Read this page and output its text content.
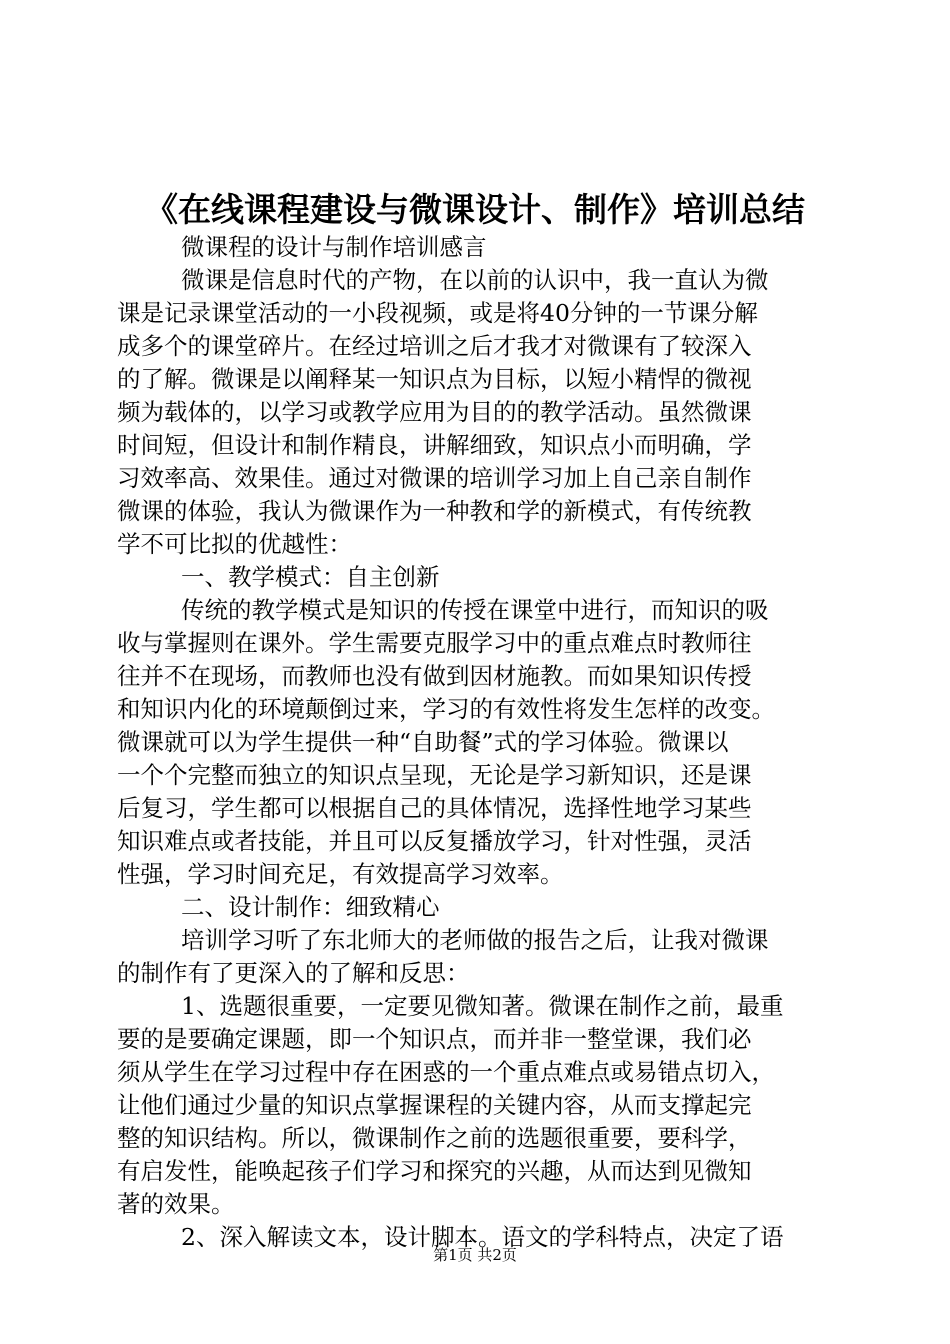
《在线课程建设与微课设计、制作》培训总结
微课程的设计与制作培训感言
微课是信息时代的产物，在以前的认识中，我一直认为微
课是记录课堂活动的一小段视频，或是将40分钟的一节课分解
成多个的课堂碎片。在经过培训之后才我才对微课有了较深入
的了解。微课是以阐释某一知识点为目标，以短小精悍的微视
频为载体的，以学习或教学应用为目的的教学活动。虽然微课
时间短，但设计和制作精良，讲解细致，知识点小而明确，学
习效率高、效果佳。通过对微课的培训学习加上自己亲自制作
微课的体验，我认为微课作为一种教和学的新模式，有传统教
学不可比拟的优越性：
一、教学模式：自主创新
传统的教学模式是知识的传授在课堂中进行，而知识的吸
收与掌握则在课外。学生需要克服学习中的重点难点时教师往
往并不在现场，而教师也没有做到因材施教。而如果知识传授
和知识内化的环境颠倒过来，学习的有效性将发生怎样的改变。
微课就可以为学生提供一种“自助餐”式的学习体验。微课以
一个个完整而独立的知识点呈现，无论是学习新知识，还是课
后复习，学生都可以根据自己的具体情况，选择性地学习某些
知识难点或者技能，并且可以反复播放学习，针对性强，灵活
性强，学习时间充足，有效提高学习效率。
二、设计制作：细致精心
培训学习听了东北师大的老师做的报告之后，让我对微课
的制作有了更深入的了解和反思：
1、选题很重要，一定要见微知著。微课在制作之前，最重
要的是要确定课题，即一个知识点，而并非一整堂课，我们必
须从学生在学习过程中存在困惑的一个重点难点或易错点切入，
让他们通过少量的知识点掌握课程的关键内容，从而支撑起完
整的知识结构。所以，微课制作之前的选题很重要，要科学，
有启发性，能唤起孩子们学习和探究的兴趣，从而达到见微知
著的效果。
2、深入解读文本，设计脚本。语文的学科特点，决定了语
第1页 共2页
